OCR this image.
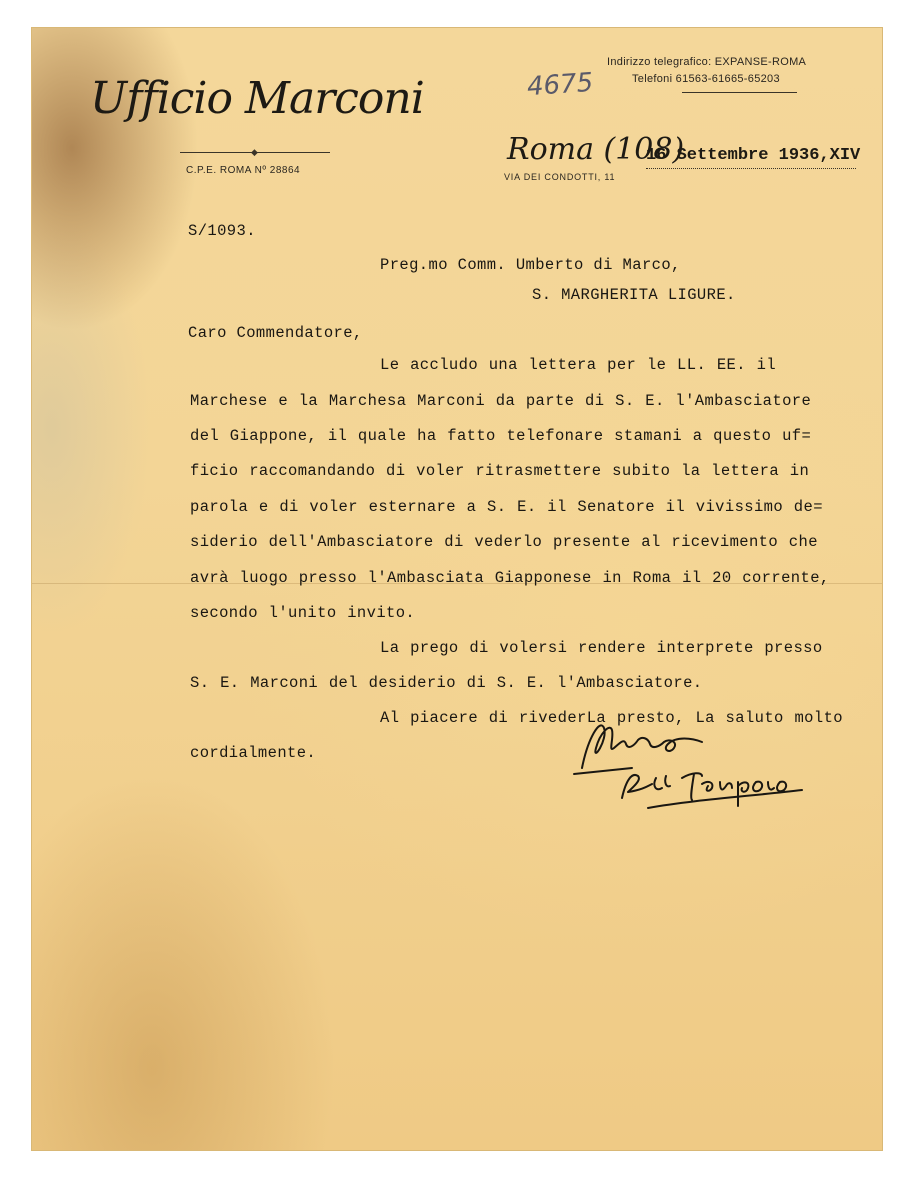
Ufficio Marconi
◆
C.P.E. ROMA Nº 28864
Indirizzo telegrafico: EXPANSE-ROMA
Telefoni 61563-61665-65203
4675
Roma (108)
16 Settembre 1936,XIV
VIA DEI CONDOTTI, 11
S/1093.
Preg.mo Comm. Umberto di Marco,
S. MARGHERITA LIGURE.
Caro Commendatore,
Le accludo una lettera per le LL. EE. il
Marchese e la Marchesa Marconi da parte di S. E. l'Ambasciatore
del Giappone, il quale ha fatto telefonare stamani a questo uf=
ficio raccomandando di voler ritrasmettere subito la lettera in
parola e di voler esternare a S. E. il Senatore il vivissimo de=
siderio dell'Ambasciatore di vederlo presente al ricevimento che
avrà luogo presso l'Ambasciata Giapponese in Roma il 20 corrente,
secondo l'unito invito.
La prego di volersi rendere interprete presso
S. E. Marconi del desiderio di S. E. l'Ambasciatore.
Al piacere di rivederLa presto, La saluto molto
cordialmente.
